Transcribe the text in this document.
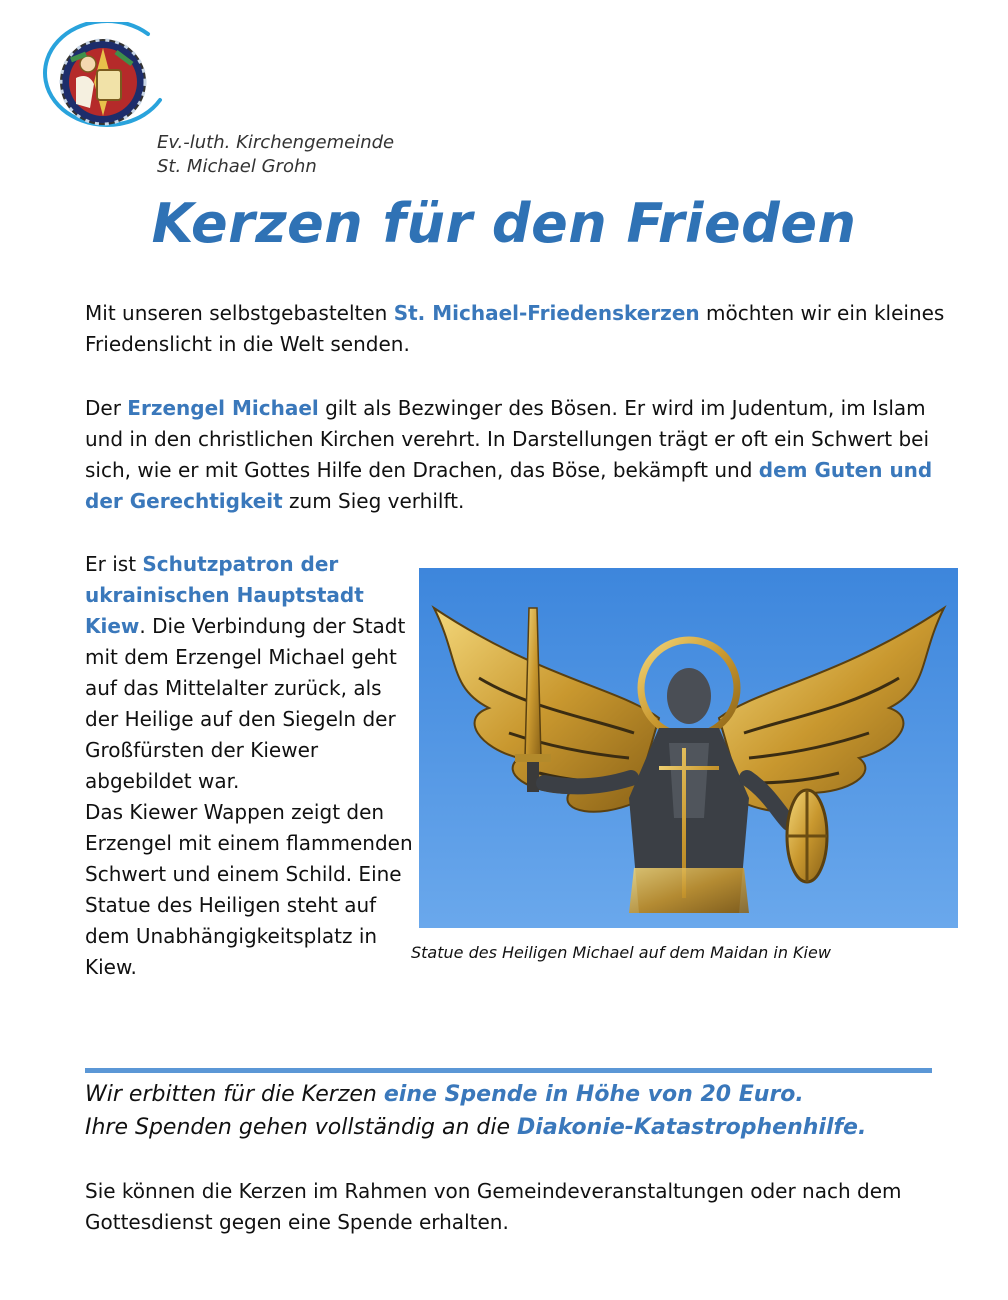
Ev.-luth. Kirchengemeinde
St. Michael Grohn
Kerzen für den Frieden

Mit unseren selbstgebastelten St. Michael-Friedenskerzen möchten wir ein kleines Friedenslicht in die Welt senden.

Der Erzengel Michael gilt als Bezwinger des Bösen. Er wird im Judentum, im Islam und in den christlichen Kirchen verehrt. In Darstellungen trägt er oft ein Schwert bei sich, wie er mit Gottes Hilfe den Drachen, das Böse, bekämpft und dem Guten und der Gerechtigkeit zum Sieg verhilft.

Er ist Schutzpatron der ukrainischen Hauptstadt Kiew. Die Verbindung der Stadt mit dem Erzengel Michael geht auf das Mittelalter zurück, als der Heilige auf den Siegeln der Großfürsten der Kiewer abgebildet war.
Das Kiewer Wappen zeigt den Erzengel mit einem flammenden Schwert und einem Schild. Eine Statue des Heiligen steht auf dem Unabhängigkeitsplatz in Kiew.

Statue des Heiligen Michael auf dem Maidan in Kiew
Wir erbitten für die Kerzen eine Spende in Höhe von 20 Euro.
Ihre Spenden gehen vollständig an die Diakonie-Katastrophenhilfe.

Sie können die Kerzen im Rahmen von Gemeindeveranstaltungen oder nach dem Gottesdienst gegen eine Spende erhalten.
